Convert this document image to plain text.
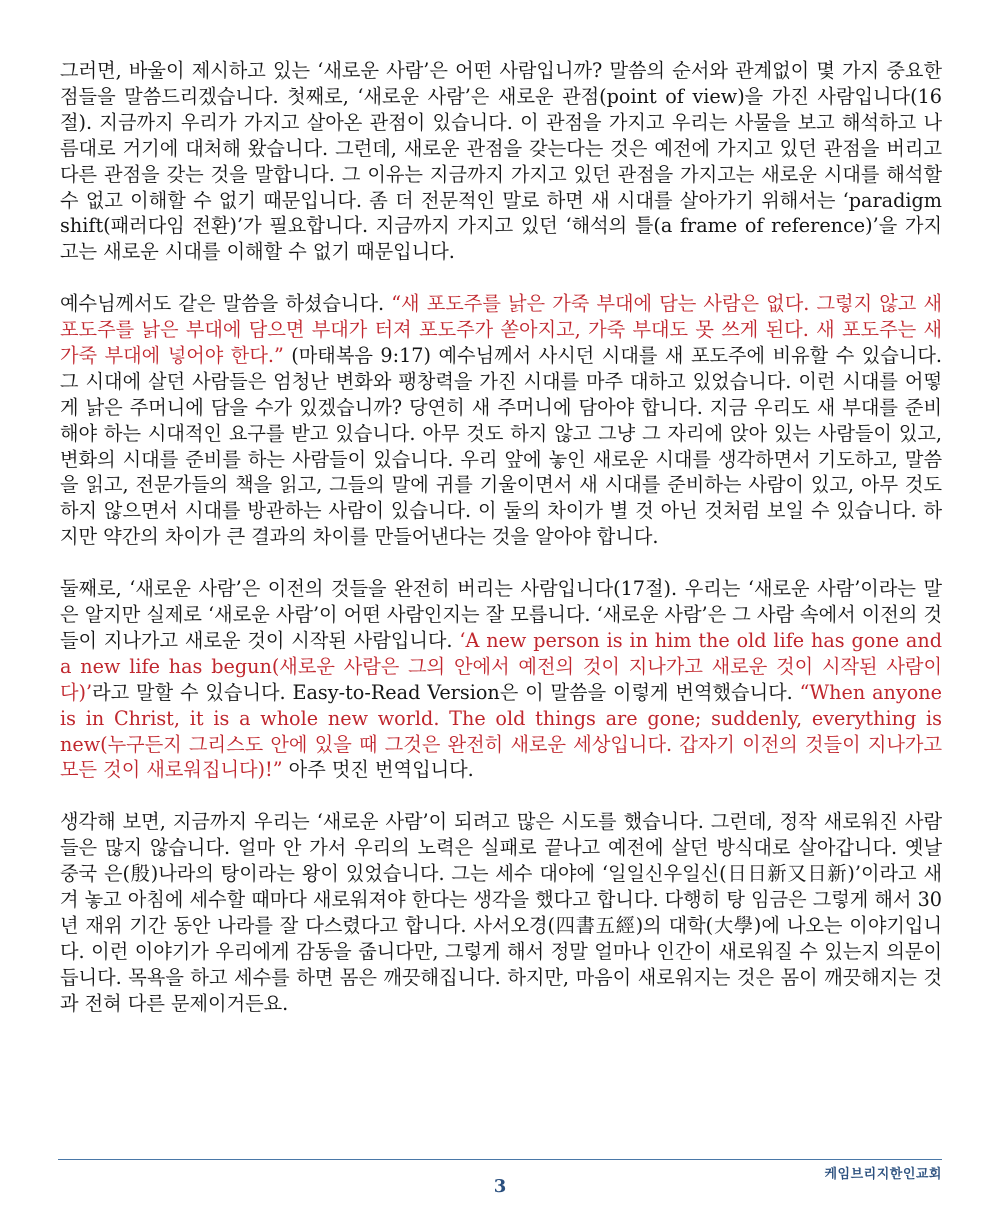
그러면, 바울이 제시하고 있는 ‘새로운 사람’은 어떤 사람입니까? 말씀의 순서와 관계없이 몇 가지 중요한 점들을 말씀드리겠습니다. 첫째로, ‘새로운 사람’은 새로운 관점(point of view)을 가진 사람입니다(16절). 지금까지 우리가 가지고 살아온 관점이 있습니다. 이 관점을 가지고 우리는 사물을 보고 해석하고 나름대로 거기에 대처해 왔습니다. 그런데, 새로운 관점을 갖는다는 것은 예전에 가지고 있던 관점을 버리고 다른 관점을 갖는 것을 말합니다. 그 이유는 지금까지 가지고 있던 관점을 가지고는 새로운 시대를 해석할 수 없고 이해할 수 없기 때문입니다. 좀 더 전문적인 말로 하면 새 시대를 살아가기 위해서는 ‘paradigm shift(패러다임 전환)’가 필요합니다. 지금까지 가지고 있던 ‘해석의 틀(a frame of reference)’을 가지고는 새로운 시대를 이해할 수 없기 때문입니다.

예수님께서도 같은 말씀을 하셨습니다. “새 포도주를 낡은 가죽 부대에 담는 사람은 없다. 그렇지 않고 새 포도주를 낡은 부대에 담으면 부대가 터져 포도주가 쏟아지고, 가죽 부대도 못 쓰게 된다. 새 포도주는 새 가죽 부대에 넣어야 한다.” (마태복음 9:17) 예수님께서 사시던 시대를 새 포도주에 비유할 수 있습니다. 그 시대에 살던 사람들은 엄청난 변화와 팽창력을 가진 시대를 마주 대하고 있었습니다. 이런 시대를 어떻게 낡은 주머니에 담을 수가 있겠습니까? 당연히 새 주머니에 담아야 합니다. 지금 우리도 새 부대를 준비해야 하는 시대적인 요구를 받고 있습니다. 아무 것도 하지 않고 그냥 그 자리에 앉아 있는 사람들이 있고, 변화의 시대를 준비를 하는 사람들이 있습니다. 우리 앞에 놓인 새로운 시대를 생각하면서 기도하고, 말씀을 읽고, 전문가들의 책을 읽고, 그들의 말에 귀를 기울이면서 새 시대를 준비하는 사람이 있고, 아무 것도 하지 않으면서 시대를 방관하는 사람이 있습니다. 이 둘의 차이가 별 것 아닌 것처럼 보일 수 있습니다. 하지만 약간의 차이가 큰 결과의 차이를 만들어낸다는 것을 알아야 합니다.

둘째로, ‘새로운 사람’은 이전의 것들을 완전히 버리는 사람입니다(17절). 우리는 ‘새로운 사람’이라는 말은 알지만 실제로 ‘새로운 사람’이 어떤 사람인지는 잘 모릅니다. ‘새로운 사람’은 그 사람 속에서 이전의 것들이 지나가고 새로운 것이 시작된 사람입니다. ‘A new person is in him the old life has gone and a new life has begun(새로운 사람은 그의 안에서 예전의 것이 지나가고 새로운 것이 시작된 사람이다)’라고 말할 수 있습니다. Easy-to-Read Version은 이 말씀을 이렇게 번역했습니다. “When anyone is in Christ, it is a whole new world. The old things are gone; suddenly, everything is new(누구든지 그리스도 안에 있을 때 그것은 완전히 새로운 세상입니다. 갑자기 이전의 것들이 지나가고 모든 것이 새로워집니다)!” 아주 멋진 번역입니다.

생각해 보면, 지금까지 우리는 ‘새로운 사람’이 되려고 많은 시도를 했습니다. 그런데, 정작 새로워진 사람들은 많지 않습니다. 얼마 안 가서 우리의 노력은 실패로 끝나고 예전에 살던 방식대로 살아갑니다. 옛날 중국 은(殷)나라의 탕이라는 왕이 있었습니다. 그는 세수 대야에 ‘일일신우일신(日日新又日新)’이라고 새겨 놓고 아침에 세수할 때마다 새로워져야 한다는 생각을 했다고 합니다. 다행히 탕 임금은 그렇게 해서 30년 재위 기간 동안 나라를 잘 다스렸다고 합니다. 사서오경(四書五經)의 대학(大學)에 나오는 이야기입니다. 이런 이야기가 우리에게 감동을 줍니다만, 그렇게 해서 정말 얼마나 인간이 새로워질 수 있는지 의문이 듭니다. 목욕을 하고 세수를 하면 몸은 깨끗해집니다. 하지만, 마음이 새로워지는 것은 몸이 깨끗해지는 것과 전혀 다른 문제이거든요.

케임브리지한인교회
3
